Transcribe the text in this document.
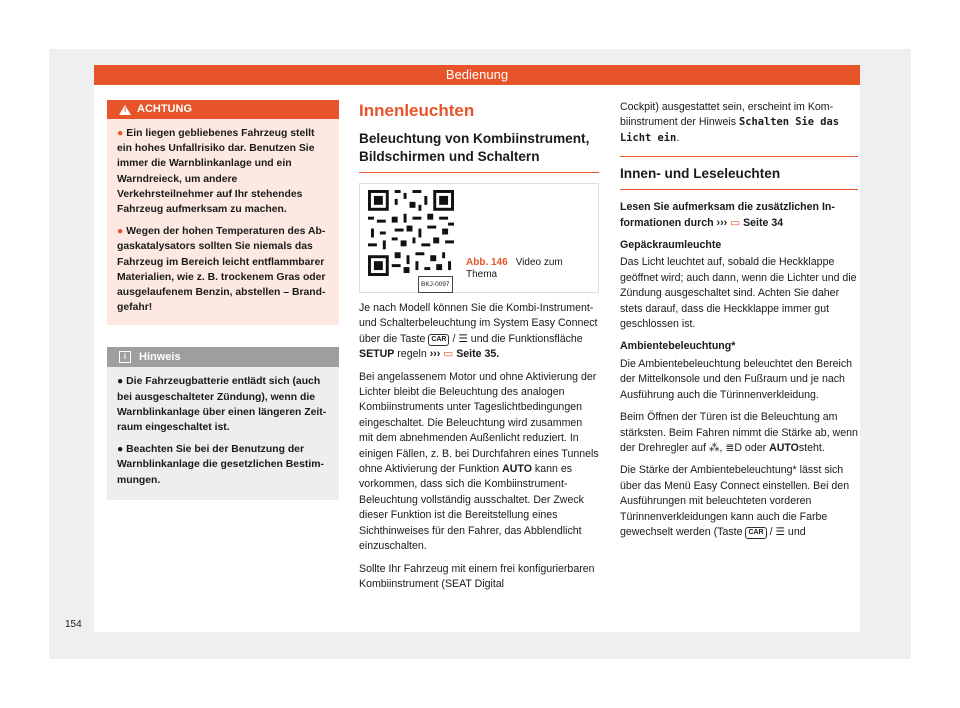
Bedienung
! ACHTUNG
● Ein liegen gebliebenes Fahrzeug stellt ein hohes Unfallrisiko dar. Benutzen Sie immer die Warnblinkanlage und ein Warndreieck, um andere Verkehrsteilnehmer auf Ihr stehendes Fahrzeug aufmerksam zu machen.
● Wegen der hohen Temperaturen des Abgaskatalysators sollten Sie niemals das Fahrzeug im Bereich leicht entflammbarer Materialien, wie z. B. trockenem Gras oder ausgelaufenem Benzin, abstellen – Brandgefahr!
i	Hinweis
● Die Fahrzeugbatterie entlädt sich (auch bei ausgeschalteter Zündung), wenn die Warnblinkanlage über einen längeren Zeitraum eingeschaltet ist.
● Beachten Sie bei der Benutzung der Warnblinkanlage die gesetzlichen Bestimmungen.
Innenleuchten
Beleuchtung von Kombiinstrument, Bildschirmen und Schaltern
BKJ-0097
Abb. 146 Video zum Thema

Je nach Modell können Sie die Kombi-Instrument- und Schalterbeleuchtung im System Easy Connect über die Taste CAR / ☰ und die Funktionsfläche SETUP regeln ››› ▭ Seite 35.

Bei angelassenem Motor und ohne Aktivierung der Lichter bleibt die Beleuchtung des analogen Kombiinstruments unter Tageslichtbedingungen eingeschaltet. Die Beleuchtung wird zusammen mit dem abnehmenden Außenlicht reduziert. In einigen Fällen, z. B. bei Durchfahren eines Tunnels ohne Aktivierung der Funktion AUTO kann es vorkommen, dass sich die Kombiinstrument-Beleuchtung vollständig ausschaltet. Der Zweck dieser Funktion ist die Bereitstellung eines Sichthinweises für den Fahrer, das Abblendlicht einzuschalten.

Sollte Ihr Fahrzeug mit einem frei konfigurierbaren Kombiinstrument (SEAT Digital

Cockpit) ausgestattet sein, erscheint im Kombiinstrument der Hinweis Schalten Sie das Licht ein.

Innen- und Leseleuchten

Lesen Sie aufmerksam die zusätzlichen Informationen durch ››› ▭ Seite 34

Gepäckraumleuchte

Das Licht leuchtet auf, sobald die Heckklappe geöffnet wird; auch dann, wenn die Lichter und die Zündung ausgeschaltet sind. Achten Sie daher stets darauf, dass die Heckklappe immer gut geschlossen ist.

Ambientebeleuchtung*

Die Ambientebeleuchtung beleuchtet den Bereich der Mittelkonsole und den Fußraum und je nach Ausführung auch die Türinnenverkleidung.

Beim Öffnen der Türen ist die Beleuchtung am stärksten. Beim Fahren nimmt die Stärke ab, wenn der Drehregler auf ⁂, ≣D oder AUTOsteht.

Die Stärke der Ambientebeleuchtung* lässt sich über das Menü Easy Connect einstellen. Bei den Ausführungen mit beleuchteten vorderen Türinnenverkleidungen kann auch die Farbe gewechselt werden (Taste CAR / ☰ und

154
